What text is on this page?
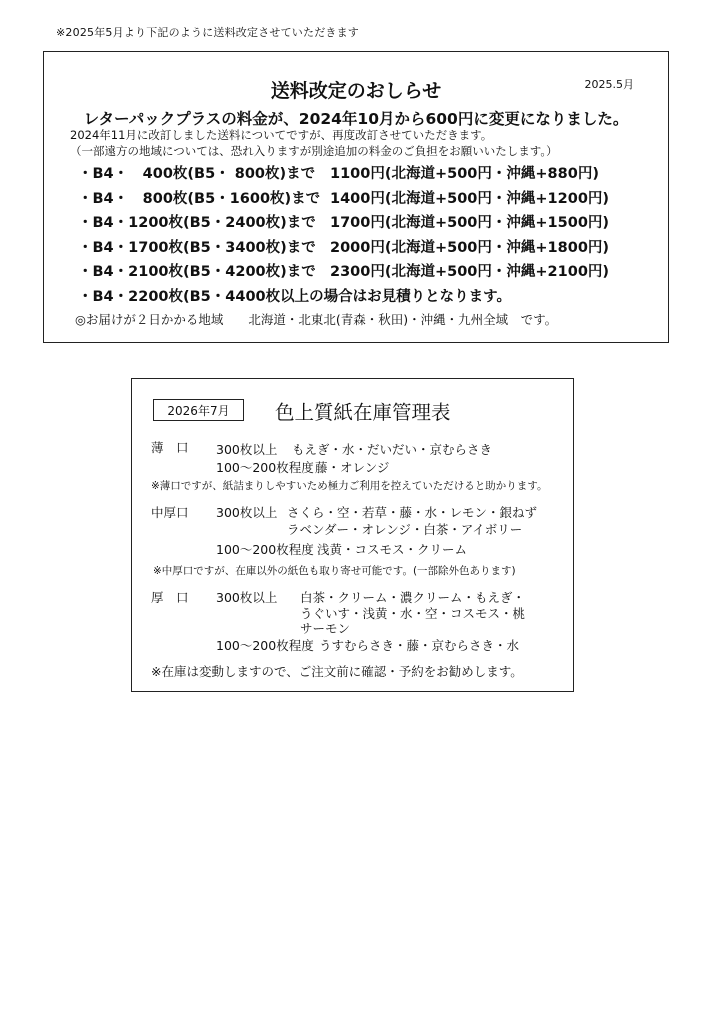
※2025年5月より下記のように送料改定させていただきます
送料改定のおしらせ	2025.5月
レターパックプラスの料金が、2024年10月から600円に変更になりました。
2024年11月に改訂しました送料についてですが、再度改訂させていただきます。
（一部遠方の地域については、恐れ入りますが別途追加の料金のご負担をお願いいたします。）
・B4・　400枚(B5・ 800枚)まで 1100円(北海道+500円・沖縄+880円)
・B4・　800枚(B5・1600枚)まで 1400円(北海道+500円・沖縄+1200円)
・B4・1200枚(B5・2400枚)まで 1700円(北海道+500円・沖縄+1500円)
・B4・1700枚(B5・3400枚)まで 2000円(北海道+500円・沖縄+1800円)
・B4・2100枚(B5・4200枚)まで 2300円(北海道+500円・沖縄+2100円)
・B4・2200枚(B5・4400枚以上の場合はお見積りとなります。
◎お届けが２日かかる地域　　北海道・北東北(青森・秋田)・沖縄・九州全域　です。
2026年7月	色上質紙在庫管理表
薄　口 300枚以上 もえぎ・水・だいだい・京むらさき
100〜200枚程度 藤・オレンジ
※薄口ですが、紙詰まりしやすいため極力ご利用を控えていただけると助かります。
中厚口 300枚以上 さくら・空・若草・藤・水・レモン・銀ねず
ラベンダー・オレンジ・白茶・アイボリー
100〜200枚程度 浅黄・コスモス・クリーム
※中厚口ですが、在庫以外の紙色も取り寄せ可能です。(一部除外色あります)
厚　口 300枚以上 白茶・クリーム・濃クリーム・もえぎ・
うぐいす・浅黄・水・空・コスモス・桃
サーモン
100〜200枚程度 うすむらさき・藤・京むらさき・水
※在庫は変動しますので、ご注文前に確認・予約をお勧めします。
